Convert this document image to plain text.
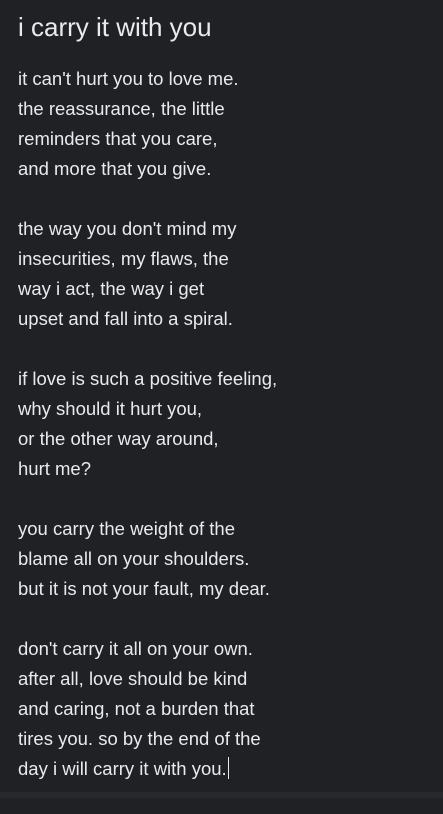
i carry it with you
it can't hurt you to love me.
the reassurance, the little
reminders that you care,
and more that you give.
the way you don't mind my
insecurities, my flaws, the
way i act, the way i get
upset and fall into a spiral.
if love is such a positive feeling,
why should it hurt you,
or the other way around,
hurt me?
you carry the weight of the
blame all on your shoulders.
but it is not your fault, my dear.
don't carry it all on your own.
after all, love should be kind
and caring, not a burden that
tires you. so by the end of the
day i will carry it with you.
